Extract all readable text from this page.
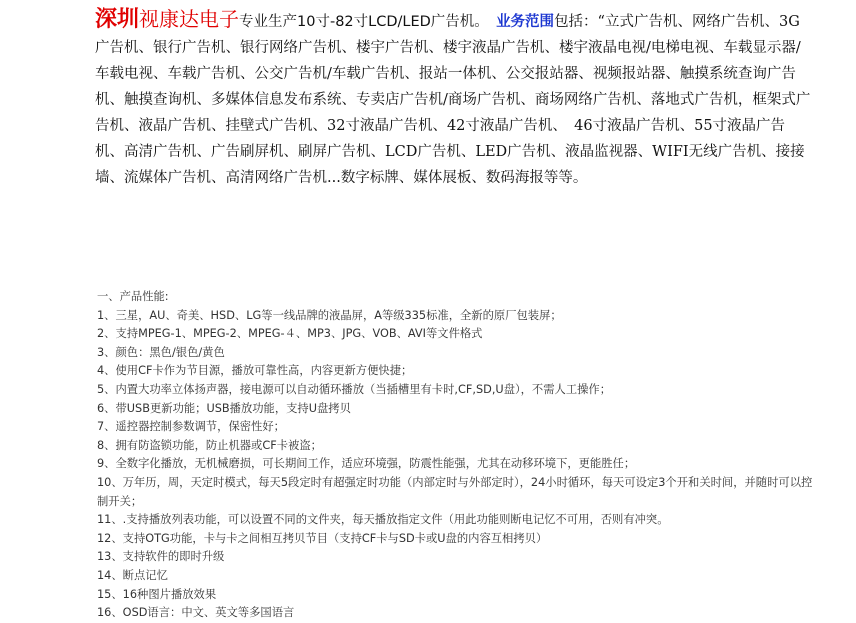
深圳视康达电子专业生产10寸-82寸LCD/LED广告机。　 业务范围包括：“立式广告机、网络广告机、3G广告机、银行广告机、银行网络广告机、楼宇广告机、楼宇液晶广告机、楼宇液晶电视/电梯电视、车载显示器/车载电视、车载广告机、公交广告机/车载广告机、报站一体机、公交报站器、视频报站器、触摸系统查询广告机、触摸查询机、多媒体信息发布系统、专卖店广告机/商场广告机、商场网络广告机、落地式广告机，框架式广告机、液晶广告机、挂壁式广告机、32寸液晶广告机、42寸液晶广告机、　46寸液晶广告机、55寸液晶广告机、高清广告机、广告刷屏机、刷屏广告机、LCD广告机、LED广告机、液晶监视器、WIFI无线广告机、接接墙、流媒体广告机、高清网络广告机...数字标牌、媒体展板、数码海报等等。

一、产品性能:
1、三星，AU、奇美、HSD、LG等一线品牌的液晶屏，A等级335标准，全新的原厂包装屏；
2、支持MPEG-1、MPEG-2、MPEG-４、MP3、JPG、VOB、AVI等文件格式
3、颜色：黑色/银色/黄色
4、使用CF卡作为节目源，播放可靠性高，内容更新方便快捷；
5、内置大功率立体扬声器，接电源可以自动循环播放（当插槽里有卡时,CF,SD,U盘），不需人工操作；
6、带USB更新功能；USB播放功能，支持U盘拷贝
7、遥控器控制参数调节，保密性好；
8、拥有防盗锁功能，防止机器或CF卡被盗；
9、全数字化播放，无机械磨损，可长期间工作，适应环境强，防震性能强，尤其在动移环境下，更能胜任；
10、万年历，周，天定时模式，每天5段定时有超强定时功能（内部定时与外部定时），24小时循环，每天可设定3个开和关时间，并随时可以控制开关；
11、.支持播放列表功能，可以设置不同的文件夹，每天播放指定文件（用此功能则断电记忆不可用，否则有冲突。
12、支持OTG功能，卡与卡之间相互拷贝节目（支持CF卡与SD卡或U盘的内容互相拷贝）
13、支持软件的即时升级
14、断点记忆
15、16种图片播放效果
16、OSD语言：中文、英文等多国语言
